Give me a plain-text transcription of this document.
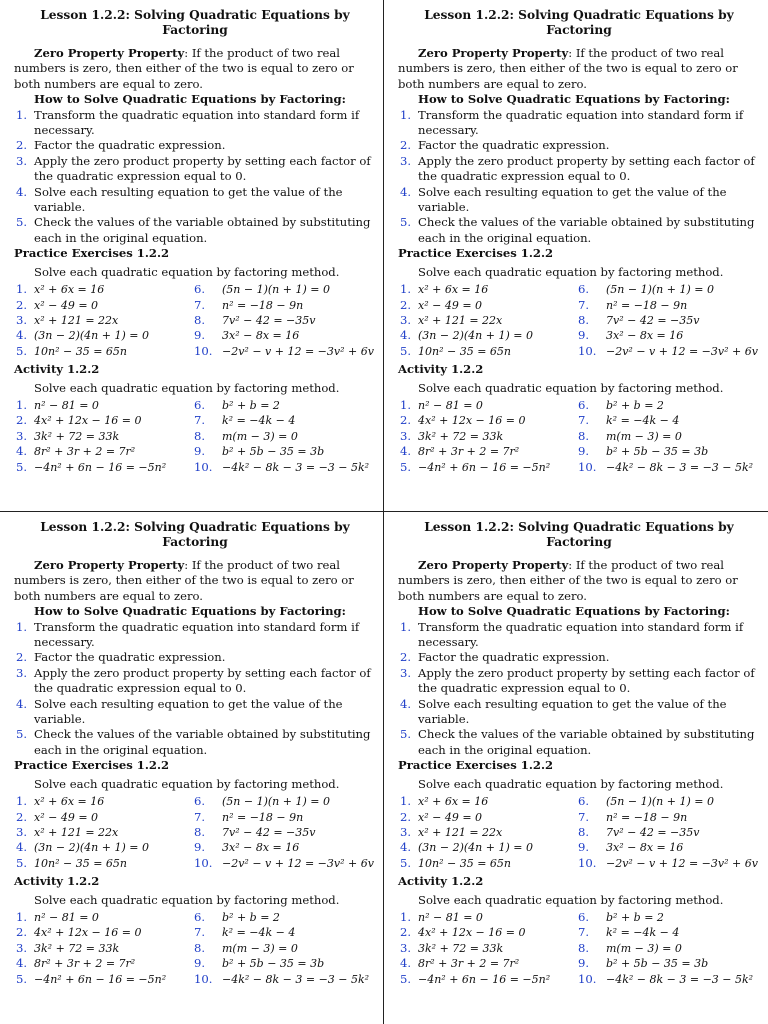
Lesson 1.2.2: Solving Quadratic Equations by Factoring
Zero Property Property: If the product of two real numbers is zero, then either of the two is equal to zero or both numbers are equal to zero.
How to Solve Quadratic Equations by Factoring:
1. Transform the quadratic equation into standard form if necessary.
2. Factor the quadratic expression.
3. Apply the zero product property by setting each factor of the quadratic expression equal to 0.
4. Solve each resulting equation to get the value of the variable.
5. Check the values of the variable obtained by substituting each in the original equation.
Practice Exercises 1.2.2
Solve each quadratic equation by factoring method.
1. x² + 6x = 16	6. (5n − 1)(n + 1) = 0
2. x² − 49 = 0	7. n² = −18 − 9n
3. x² + 121 = 22x	8. 7v² − 42 = −35v
4. (3n − 2)(4n + 1) = 0	9. 3x² − 8x = 16
5. 10n² − 35 = 65n	10. −2v² − v + 12 = −3v² + 6v
Activity 1.2.2
Solve each quadratic equation by factoring method.
1. n² − 81 = 0	6. b² + b = 2
2. 4x² + 12x − 16 = 0	7. k² = −4k − 4
3. 3k² + 72 = 33k	8. m(m − 3) = 0
4. 8r² + 3r + 2 = 7r²	9. b² + 5b − 35 = 3b
5. −4n² + 6n − 16 = −5n²	10. −4k² − 8k − 3 = −3 − 5k²
Lesson 1.2.2: Solving Quadratic Equations by Factoring
Zero Property Property: If the product of two real numbers is zero, then either of the two is equal to zero or both numbers are equal to zero.
How to Solve Quadratic Equations by Factoring:
1. Transform the quadratic equation into standard form if necessary.
2. Factor the quadratic expression.
3. Apply the zero product property by setting each factor of the quadratic expression equal to 0.
4. Solve each resulting equation to get the value of the variable.
5. Check the values of the variable obtained by substituting each in the original equation.
Practice Exercises 1.2.2
Solve each quadratic equation by factoring method.
1. x² + 6x = 16	6. (5n − 1)(n + 1) = 0
2. x² − 49 = 0	7. n² = −18 − 9n
3. x² + 121 = 22x	8. 7v² − 42 = −35v
4. (3n − 2)(4n + 1) = 0	9. 3x² − 8x = 16
5. 10n² − 35 = 65n	10. −2v² − v + 12 = −3v² + 6v
Activity 1.2.2
Solve each quadratic equation by factoring method.
1. n² − 81 = 0	6. b² + b = 2
2. 4x² + 12x − 16 = 0	7. k² = −4k − 4
3. 3k² + 72 = 33k	8. m(m − 3) = 0
4. 8r² + 3r + 2 = 7r²	9. b² + 5b − 35 = 3b
5. −4n² + 6n − 16 = −5n²	10. −4k² − 8k − 3 = −3 − 5k²
Lesson 1.2.2: Solving Quadratic Equations by Factoring
Zero Property Property: If the product of two real numbers is zero, then either of the two is equal to zero or both numbers are equal to zero.
How to Solve Quadratic Equations by Factoring:
1. Transform the quadratic equation into standard form if necessary.
2. Factor the quadratic expression.
3. Apply the zero product property by setting each factor of the quadratic expression equal to 0.
4. Solve each resulting equation to get the value of the variable.
5. Check the values of the variable obtained by substituting each in the original equation.
Practice Exercises 1.2.2
Solve each quadratic equation by factoring method.
1. x² + 6x = 16	6. (5n − 1)(n + 1) = 0
2. x² − 49 = 0	7. n² = −18 − 9n
3. x² + 121 = 22x	8. 7v² − 42 = −35v
4. (3n − 2)(4n + 1) = 0	9. 3x² − 8x = 16
5. 10n² − 35 = 65n	10. −2v² − v + 12 = −3v² + 6v
Activity 1.2.2
Solve each quadratic equation by factoring method.
1. n² − 81 = 0	6. b² + b = 2
2. 4x² + 12x − 16 = 0	7. k² = −4k − 4
3. 3k² + 72 = 33k	8. m(m − 3) = 0
4. 8r² + 3r + 2 = 7r²	9. b² + 5b − 35 = 3b
5. −4n² + 6n − 16 = −5n²	10. −4k² − 8k − 3 = −3 − 5k²
Lesson 1.2.2: Solving Quadratic Equations by Factoring
Zero Property Property: If the product of two real numbers is zero, then either of the two is equal to zero or both numbers are equal to zero.
How to Solve Quadratic Equations by Factoring:
1. Transform the quadratic equation into standard form if necessary.
2. Factor the quadratic expression.
3. Apply the zero product property by setting each factor of the quadratic expression equal to 0.
4. Solve each resulting equation to get the value of the variable.
5. Check the values of the variable obtained by substituting each in the original equation.
Practice Exercises 1.2.2
Solve each quadratic equation by factoring method.
1. x² + 6x = 16	6. (5n − 1)(n + 1) = 0
2. x² − 49 = 0	7. n² = −18 − 9n
3. x² + 121 = 22x	8. 7v² − 42 = −35v
4. (3n − 2)(4n + 1) = 0	9. 3x² − 8x = 16
5. 10n² − 35 = 65n	10. −2v² − v + 12 = −3v² + 6v
Activity 1.2.2
Solve each quadratic equation by factoring method.
1. n² − 81 = 0	6. b² + b = 2
2. 4x² + 12x − 16 = 0	7. k² = −4k − 4
3. 3k² + 72 = 33k	8. m(m − 3) = 0
4. 8r² + 3r + 2 = 7r²	9. b² + 5b − 35 = 3b
5. −4n² + 6n − 16 = −5n²	10. −4k² − 8k − 3 = −3 − 5k²
